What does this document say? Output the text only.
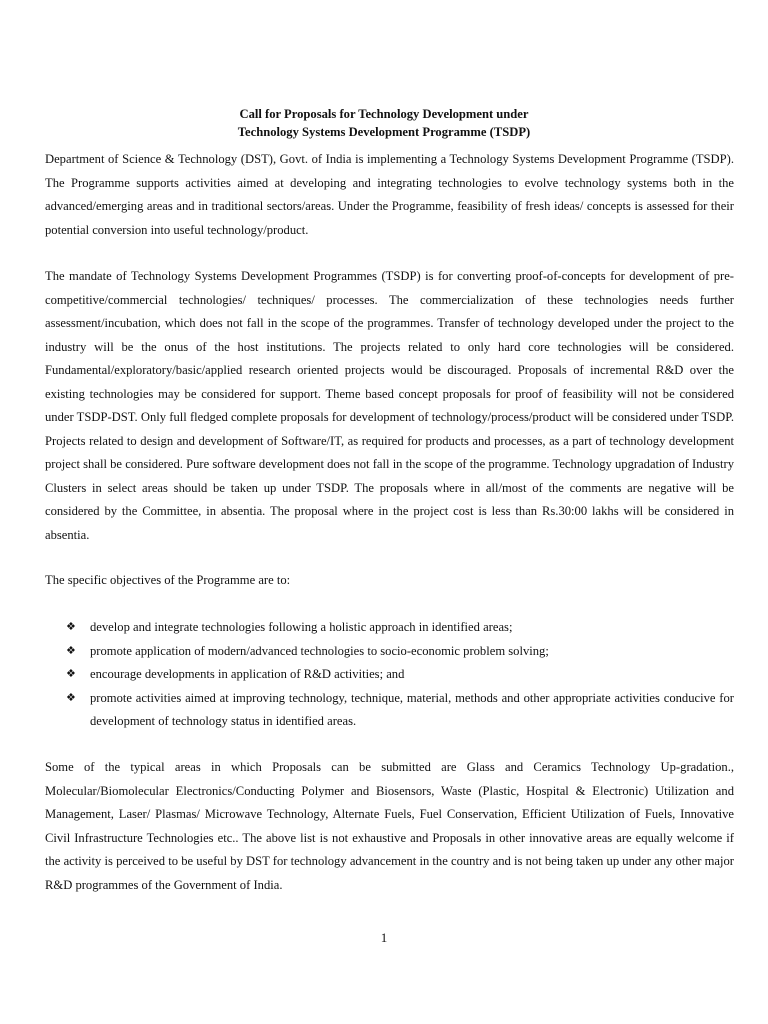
Call for Proposals for Technology Development under
Technology Systems Development Programme (TSDP)

Department of Science & Technology (DST), Govt. of India is implementing a Technology Systems Development Programme (TSDP). The Programme supports activities aimed at developing and integrating technologies to evolve technology systems both in the advanced/emerging areas and in traditional sectors/areas. Under the Programme, feasibility of fresh ideas/ concepts is assessed for their potential conversion into useful technology/product.

The mandate of Technology Systems Development Programmes (TSDP) is for converting proof-of-concepts for development of pre-competitive/commercial technologies/ techniques/ processes. The commercialization of these technologies needs further assessment/incubation, which does not fall in the scope of the programmes. Transfer of technology developed under the project to the industry will be the onus of the host institutions. The projects related to only hard core technologies will be considered. Fundamental/exploratory/basic/applied research oriented projects would be discouraged. Proposals of incremental R&D over the existing technologies may be considered for support. Theme based concept proposals for proof of feasibility will not be considered under TSDP-DST. Only full fledged complete proposals for development of technology/process/product will be considered under TSDP. Projects related to design and development of Software/IT, as required for products and processes, as a part of technology development project shall be considered. Pure software development does not fall in the scope of the programme. Technology upgradation of Industry Clusters in select areas should be taken up under TSDP. The proposals where in all/most of the comments are negative will be considered by the Committee, in absentia. The proposal where in the project cost is less than Rs.30:00 lakhs will be considered in absentia.

The specific objectives of the Programme are to:

❖ develop and integrate technologies following a holistic approach in identified areas;
❖ promote application of modern/advanced technologies to socio-economic problem solving;
❖ encourage developments in application of R&D activities; and
❖ promote activities aimed at improving technology, technique, material, methods and other appropriate activities conducive for development of technology status in identified areas.

Some of the typical areas in which Proposals can be submitted are Glass and Ceramics Technology Up-gradation., Molecular/Biomolecular Electronics/Conducting Polymer and Biosensors, Waste (Plastic, Hospital & Electronic) Utilization and Management, Laser/ Plasmas/ Microwave Technology, Alternate Fuels, Fuel Conservation, Efficient Utilization of Fuels, Innovative Civil Infrastructure Technologies etc.. The above list is not exhaustive and Proposals in other innovative areas are equally welcome if the activity is perceived to be useful by DST for technology advancement in the country and is not being taken up under any other major R&D programmes of the Government of India.

1
